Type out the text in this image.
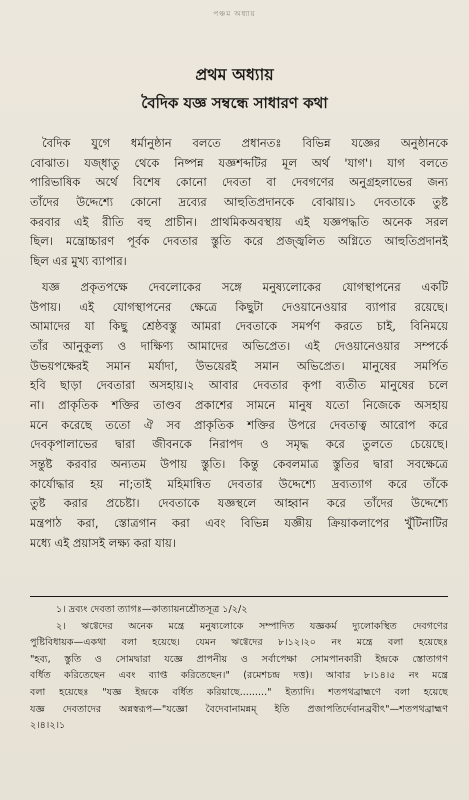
পঞ্চম অধ্যায়
প্রথম অধ্যায়
বৈদিক যজ্ঞ সম্বন্ধে সাধারণ কথা

বৈদিক যুগে ধর্মানুষ্ঠান বলতে প্রধানতঃ বিভিন্ন যজ্ঞের অনুষ্ঠানকে
বোঝাত। যজ্‌ধাতু থেকে নিষ্পন্ন যজ্ঞশব্দটির মূল অর্থ 'যাগ'। যাগ বলতে
পারিভাষিক অর্থে বিশেষ কোনো দেবতা বা দেবগণের অনুগ্রহলাভের জন্য
তাঁদের উদ্দেশ্যে কোনো দ্রব্যের আহুতিপ্রদানকে বোঝায়।১ দেবতাকে তুষ্ট
করবার এই রীতি বহু প্রাচীন। প্রাথমিকঅবস্থায় এই যজ্ঞপদ্ধতি অনেক সরল
ছিল। মন্ত্রোচ্চারণ পূর্বক দেবতার স্তুতি করে প্রজ্জ্বলিত অগ্নিতে আহুতিপ্রদানই
ছিল এর মুখ্য ব্যাপার।

যজ্ঞ প্রকৃতপক্ষে দেবলোকের সঙ্গে মনুষ্যলোকের যোগস্থাপনের একটি
উপায়। এই যোগস্থাপনের ক্ষেত্রে কিছুটা দেওয়ানেওয়ার ব্যাপার রয়েছে।
আমাদের যা কিছু শ্রেষ্ঠবস্তু আমরা দেবতাকে সমর্পণ করতে চাই, বিনিময়ে
তাঁর আনুকূল্য ও দাক্ষিণ্য আমাদের অভিপ্রেত। এই দেওয়ানেওয়ার সম্পর্কে
উভয়পক্ষেরই সমান মর্যাদা, উভয়েরই সমান অভিপ্রেত। মানুষের সমর্পিত
হবি ছাড়া দেবতারা অসহায়।২ আবার দেবতার কৃপা ব্যতীত মানুষের চলে
না। প্রাকৃতিক শক্তির তাণ্ডব প্রকাশের সামনে মানুষ যতো নিজেকে অসহায়
মনে করেছে ততো ঐ সব প্রাকৃতিক শক্তির উপরে দেবতাত্ব আরোপ করে
দেবকৃপালাভের দ্বারা জীবনকে নিরাপদ ও সমৃদ্ধ করে তুলতে চেয়েছে।
সন্তুষ্ট করবার অন্যতম উপায় স্তুতি। কিন্তু কেবলমাত্র স্তুতির দ্বারা সবক্ষেত্রে
কার্যোদ্ধার হয় না;তাই মহিমান্বিত দেবতার উদ্দেশ্যে দ্রব্যত্যাগ করে তাঁকে
তুষ্ট করার প্রচেষ্টা। দেবতাকে যজ্ঞস্থলে আহ্বান করে তাঁদের উদ্দেশ্যে
মন্ত্রপাঠ করা, স্তোত্রগান করা এবং বিভিন্ন যজ্ঞীয় ক্রিয়াকলাপের খুঁটিনাটির
মধ্যে এই প্রয়াসই লক্ষ্য করা যায়।

১। দ্রব্যং দেবতা ত্যাগঃ—কাত্যায়নশ্রৌতসূত্র ১/২/২
২। ঋগ্বেদের অনেক মন্ত্রে মনুষ্যলোকে সম্পাদিত যজ্ঞকর্ম দ্যুলোকস্থিত দেবগণের
পুষ্টিবিধায়ক—একথা বলা হয়েছে। যেমন ঋগ্বেদের ৮।১২।২০ নং মন্ত্রে বলা হয়েছেঃ
"হব্য, স্তুতি ও সোমদ্বারা যজ্ঞে প্রাপনীয় ও সর্বাপেক্ষা সোমপানকারী ইন্দ্রকে স্তোতাগণ
বর্ধিত করিতেছেন এবং ব্যাপ্ত করিতেছেন।" (রমেশচন্দ্র দত্ত)। আবার ৮।১৪।৫ নং মন্ত্রে
বলা হয়েছেঃ "যজ্ঞ ইন্দ্রকে বর্ধিত করিয়াছে........." ইত্যাদি। শতপথব্রাহ্মণে বলা হয়েছে
যজ্ঞ দেবতাদের অন্নস্বরূপ—"যজ্ঞো বৈদেবানামন্নম্ ইতি প্রজাপতির্দেবানব্রবীৎ"—শতপথব্রাহ্মণ
২।৪।২।১
